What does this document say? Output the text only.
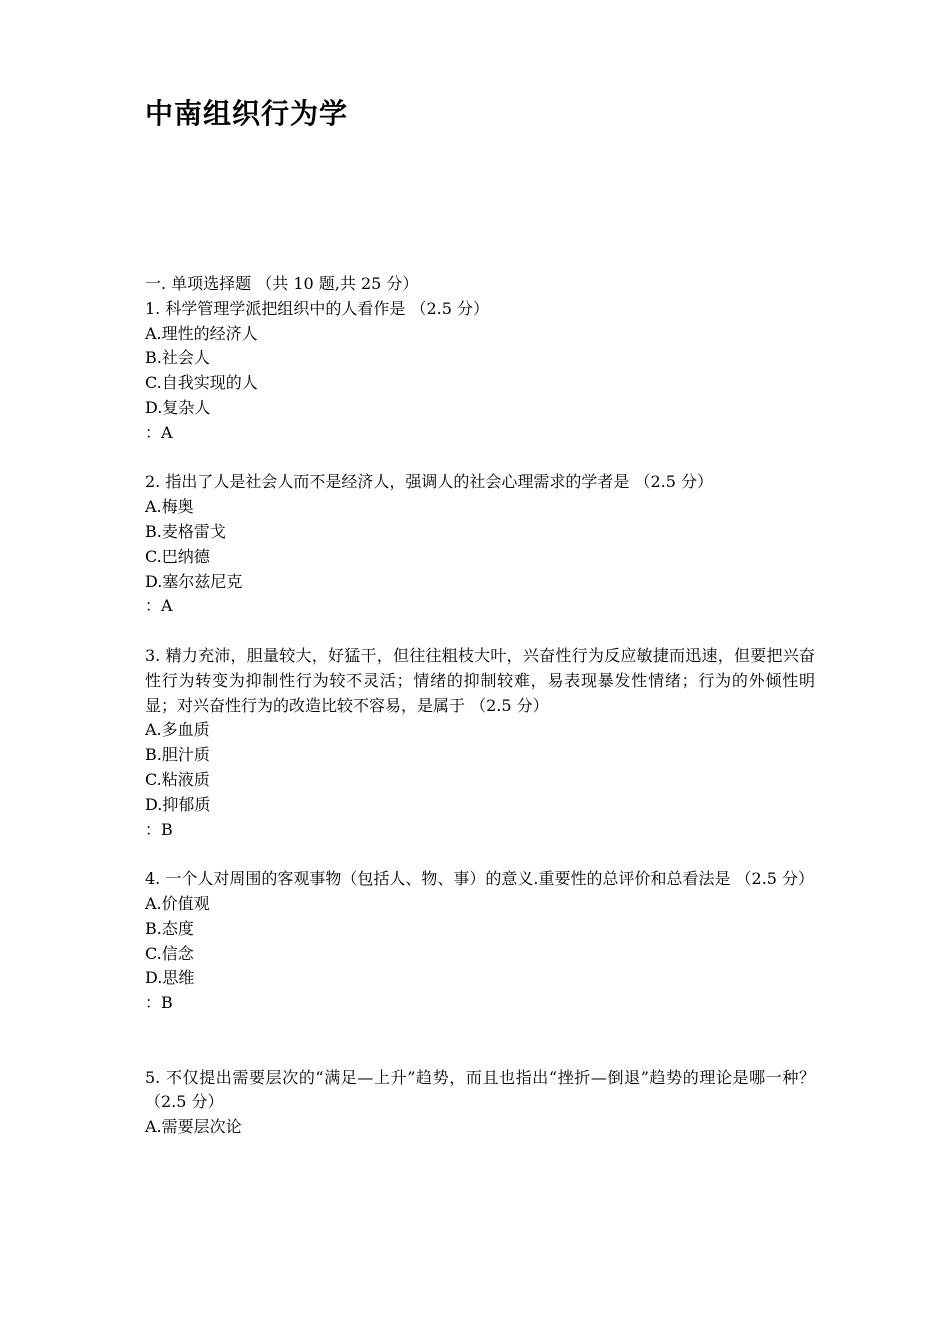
中南组织行为学

一. 单项选择题 （共 10 题,共 25 分）

1. 科学管理学派把组织中的人看作是 （2.5 分）

A.理性的经济人

B.社会人

C.自我实现的人

D.复杂人

：A

2. 指出了人是社会人而不是经济人，强调人的社会心理需求的学者是 （2.5 分）

A.梅奥

B.麦格雷戈

C.巴纳德

D.塞尔兹尼克

：A

3. 精力充沛，胆量较大，好猛干，但往往粗枝大叶，兴奋性行为反应敏捷而迅速，但要把兴奋性行为转变为抑制性行为较不灵活；情绪的抑制较难，易表现暴发性情绪；行为的外倾性明显；对兴奋性行为的改造比较不容易，是属于 （2.5 分）

A.多血质

B.胆汁质

C.粘液质

D.抑郁质

：B

4. 一个人对周围的客观事物（包括人、物、事）的意义.重要性的总评价和总看法是 （2.5 分）

A.价值观

B.态度

C.信念

D.思维

：B

5. 不仅提出需要层次的“满足—上升”趋势，而且也指出“挫折—倒退”趋势的理论是哪一种？ （2.5 分）

A.需要层次论
